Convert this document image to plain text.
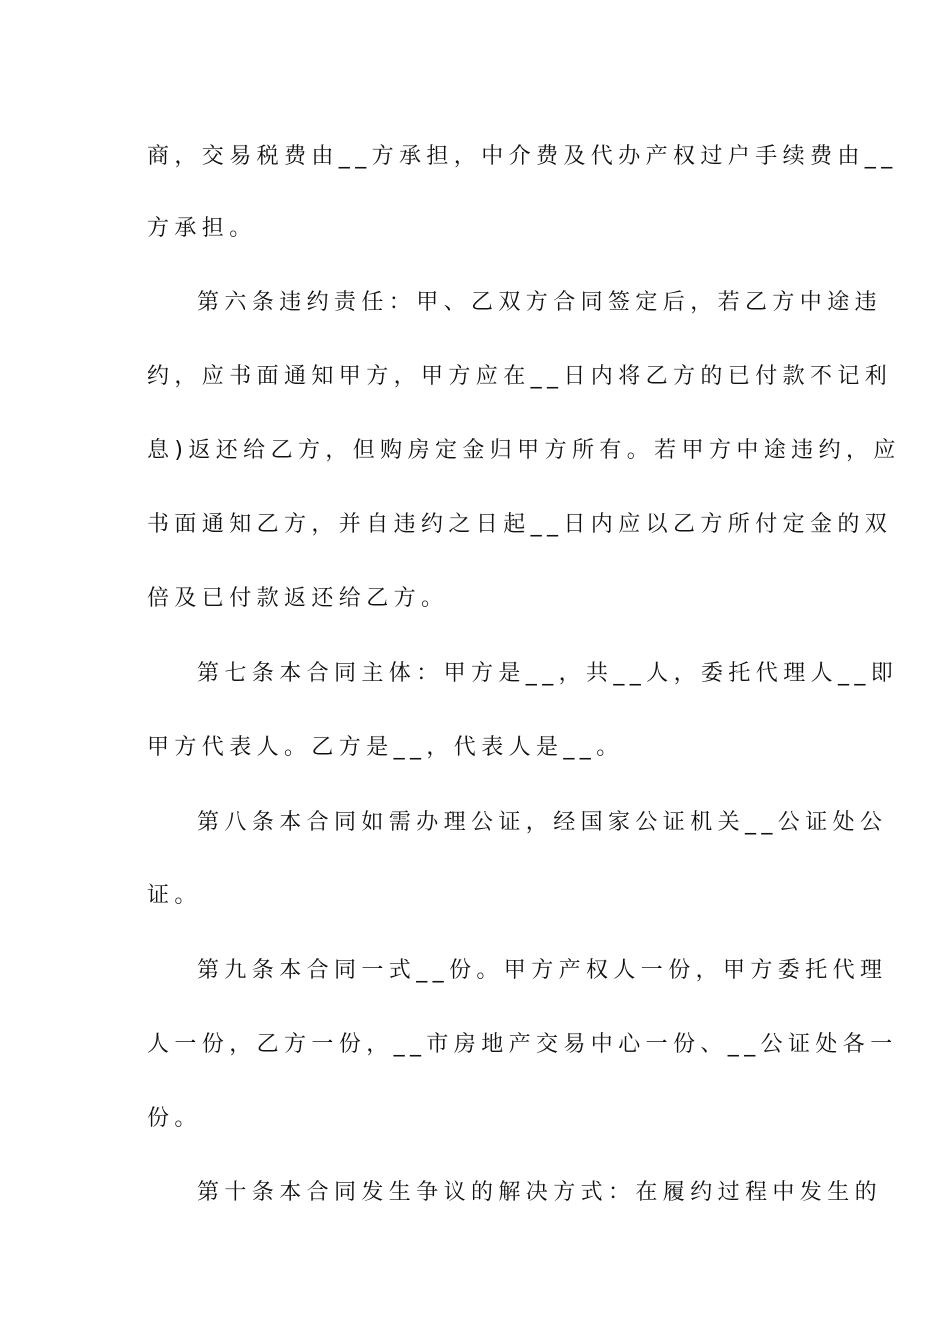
商，交易税费由__方承担，中介费及代办产权过户手续费由__
方承担。
第六条违约责任：甲、乙双方合同签定后，若乙方中途违
约，应书面通知甲方，甲方应在__日内将乙方的已付款不记利
息)返还给乙方，但购房定金归甲方所有。若甲方中途违约，应
书面通知乙方，并自违约之日起__日内应以乙方所付定金的双
倍及已付款返还给乙方。
第七条本合同主体：甲方是__，共__人，委托代理人__即
甲方代表人。乙方是__，代表人是__。
第八条本合同如需办理公证，经国家公证机关__公证处公
证。
第九条本合同一式__份。甲方产权人一份，甲方委托代理
人一份，乙方一份，__市房地产交易中心一份、__公证处各一
份。
第十条本合同发生争议的解决方式：在履约过程中发生的
